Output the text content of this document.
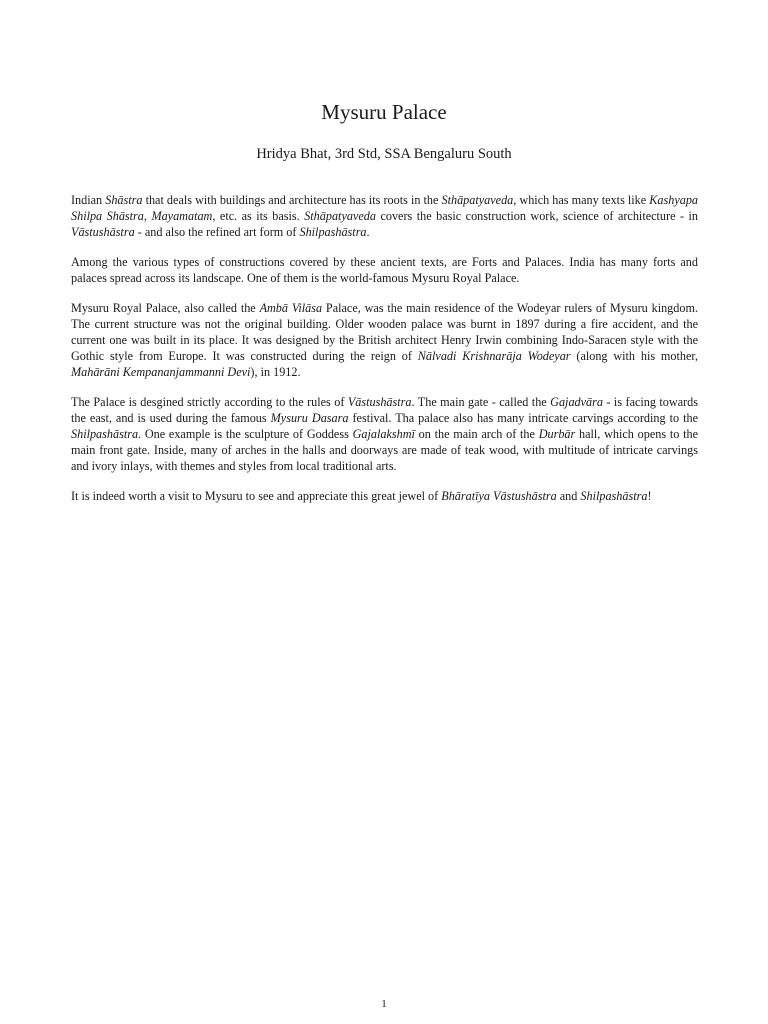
Mysuru Palace
Hridya Bhat, 3rd Std, SSA Bengaluru South

Indian Shāstra that deals with buildings and architecture has its roots in the Sthāpatyaveda, which has many texts like Kashyapa Shilpa Shāstra, Mayamatam, etc. as its basis. Sthāpatyaveda covers the basic construction work, science of architecture - in Vāstushāstra - and also the refined art form of Shilpashāstra.

Among the various types of constructions covered by these ancient texts, are Forts and Palaces. India has many forts and palaces spread across its landscape. One of them is the world-famous Mysuru Royal Palace.

Mysuru Royal Palace, also called the Ambā Vilāsa Palace, was the main residence of the Wodeyar rulers of Mysuru kingdom. The current structure was not the original building. Older wooden palace was burnt in 1897 during a fire accident, and the current one was built in its place. It was designed by the British architect Henry Irwin combining Indo-Saracen style with the Gothic style from Europe. It was constructed during the reign of Nālvadi Krishnarāja Wodeyar (along with his mother, Mahārāni Kempananjammanni Devi), in 1912.

The Palace is desgined strictly according to the rules of Vāstushāstra. The main gate - called the Gajadvāra - is facing towards the east, and is used during the famous Mysuru Dasara festival. Tha palace also has many intricate carvings according to the Shilpashāstra. One example is the sculpture of Goddess Gajalakshmī on the main arch of the Durbār hall, which opens to the main front gate. Inside, many of arches in the halls and doorways are made of teak wood, with multitude of intricate carvings and ivory inlays, with themes and styles from local traditional arts.

It is indeed worth a visit to Mysuru to see and appreciate this great jewel of Bhāratīya Vāstushāstra and Shilpashāstra!

1
